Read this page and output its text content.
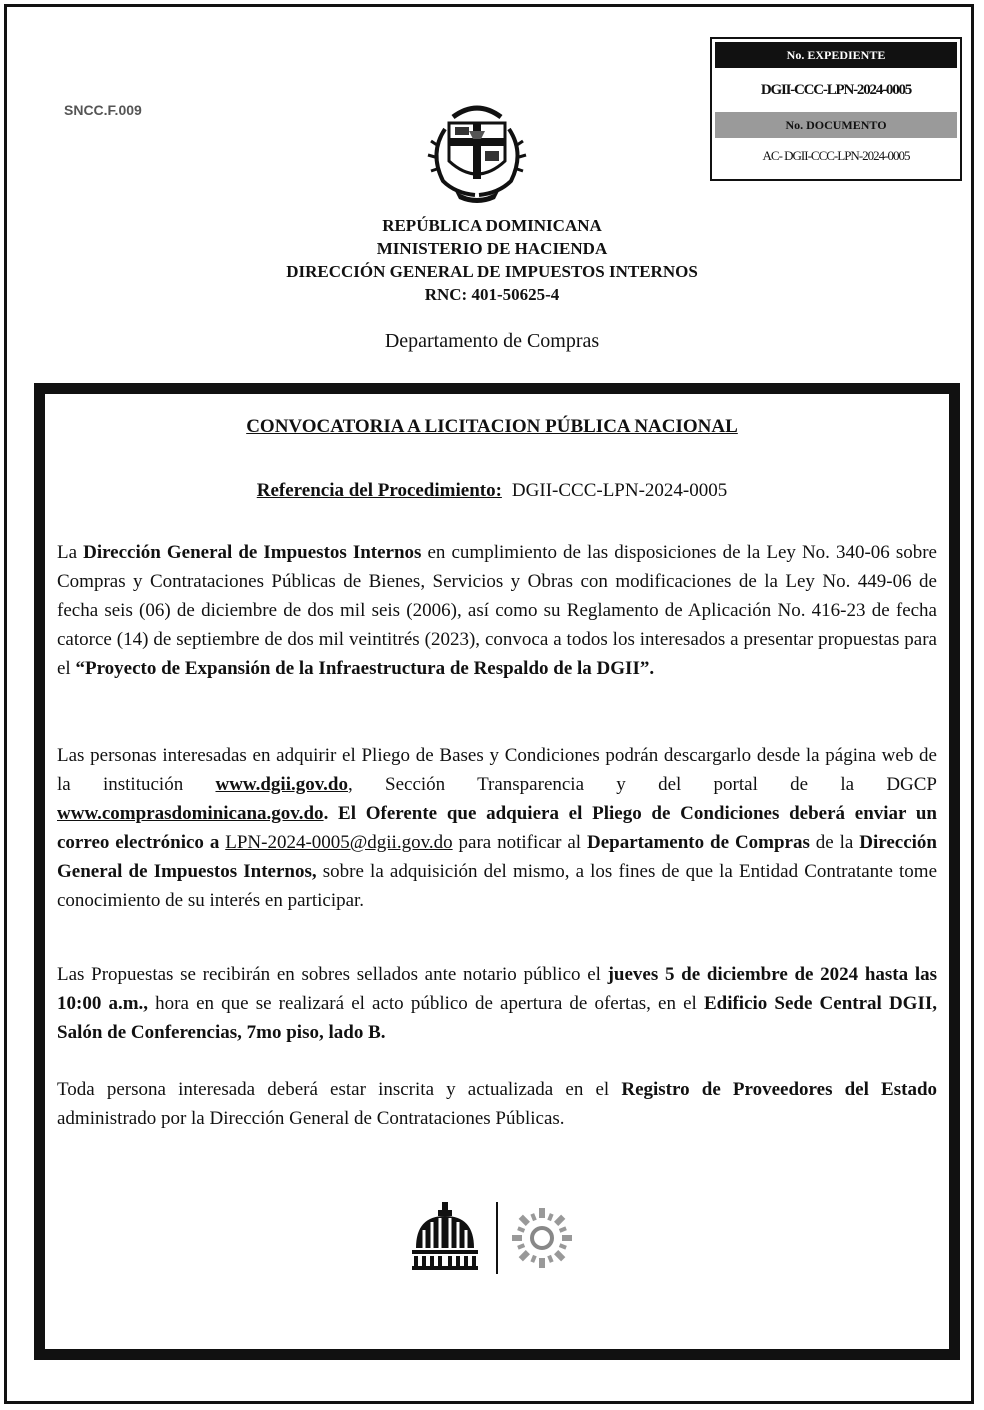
SNCC.F.009
No. EXPEDIENTE
DGII-CCC-LPN-2024-0005
No. DOCUMENTO
AC- DGII-CCC-LPN-2024-0005
REPÚBLICA DOMINICANA
MINISTERIO DE HACIENDA
DIRECCIÓN GENERAL DE IMPUESTOS INTERNOS
RNC: 401-50625-4
Departamento de Compras
CONVOCATORIA A LICITACION PÚBLICA NACIONAL
Referencia del Procedimiento: DGII-CCC-LPN-2024-0005
La Dirección General de Impuestos Internos en cumplimiento de las disposiciones de la Ley No. 340-06 sobre Compras y Contrataciones Públicas de Bienes, Servicios y Obras con modificaciones de la Ley No. 449-06 de fecha seis (06) de diciembre de dos mil seis (2006), así como su Reglamento de Aplicación No. 416-23 de fecha catorce (14) de septiembre de dos mil veintitrés (2023), convoca a todos los interesados a presentar propuestas para el “Proyecto de Expansión de la Infraestructura de Respaldo de la DGII”.
Las personas interesadas en adquirir el Pliego de Bases y Condiciones podrán descargarlo desde la página web de la institución www.dgii.gov.do, Sección Transparencia y del portal de la DGCP www.comprasdominicana.gov.do. El Oferente que adquiera el Pliego de Condiciones deberá enviar un correo electrónico a LPN-2024-0005@dgii.gov.do para notificar al Departamento de Compras de la Dirección General de Impuestos Internos, sobre la adquisición del mismo, a los fines de que la Entidad Contratante tome conocimiento de su interés en participar.
Las Propuestas se recibirán en sobres sellados ante notario público el jueves 5 de diciembre de 2024 hasta las 10:00 a.m., hora en que se realizará el acto público de apertura de ofertas, en el Edificio Sede Central DGII, Salón de Conferencias, 7mo piso, lado B.
Toda persona interesada deberá estar inscrita y actualizada en el Registro de Proveedores del Estado administrado por la Dirección General de Contrataciones Públicas.
